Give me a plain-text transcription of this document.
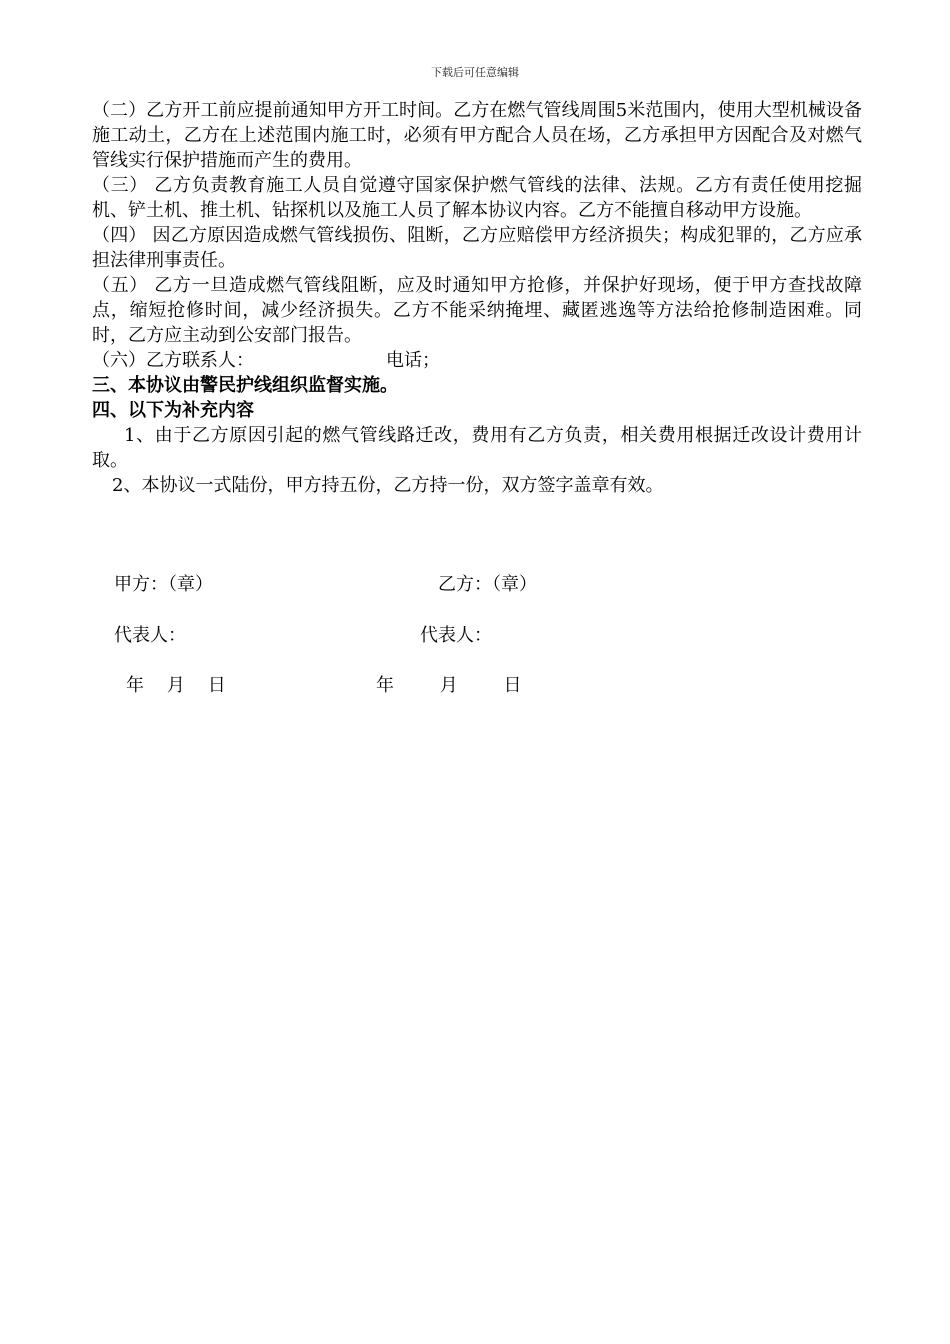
下载后可任意编辑

（二）乙方开工前应提前通知甲方开工时间。乙方在燃气管线周围5米范围内，使用大型机械设备施工动土，乙方在上述范围内施工时，必须有甲方配合人员在场，乙方承担甲方因配合及对燃气管线实行保护措施而产生的费用。

（三） 乙方负责教育施工人员自觉遵守国家保护燃气管线的法律、法规。乙方有责任使用挖掘机、铲土机、推土机、钻探机以及施工人员了解本协议内容。乙方不能擅自移动甲方设施。

（四） 因乙方原因造成燃气管线损伤、阻断，乙方应赔偿甲方经济损失；构成犯罪的，乙方应承担法律刑事责任。

（五） 乙方一旦造成燃气管线阻断，应及时通知甲方抢修，并保护好现场，便于甲方查找故障点，缩短抢修时间，减少经济损失。乙方不能采纳掩埋、藏匿逃逸等方法给抢修制造困难。同时，乙方应主动到公安部门报告。

（六）乙方联系人：	电话；

三、本协议由警民护线组织监督实施。

四、以下为补充内容

1、由于乙方原因引起的燃气管线路迁改，费用有乙方负责，相关费用根据迁改设计费用计取。

2、本协议一式陆份，甲方持五份，乙方持一份，双方签字盖章有效。

甲方：（章）	乙方：（章）
代表人：	代表人：
年    月    日	年        月        日
